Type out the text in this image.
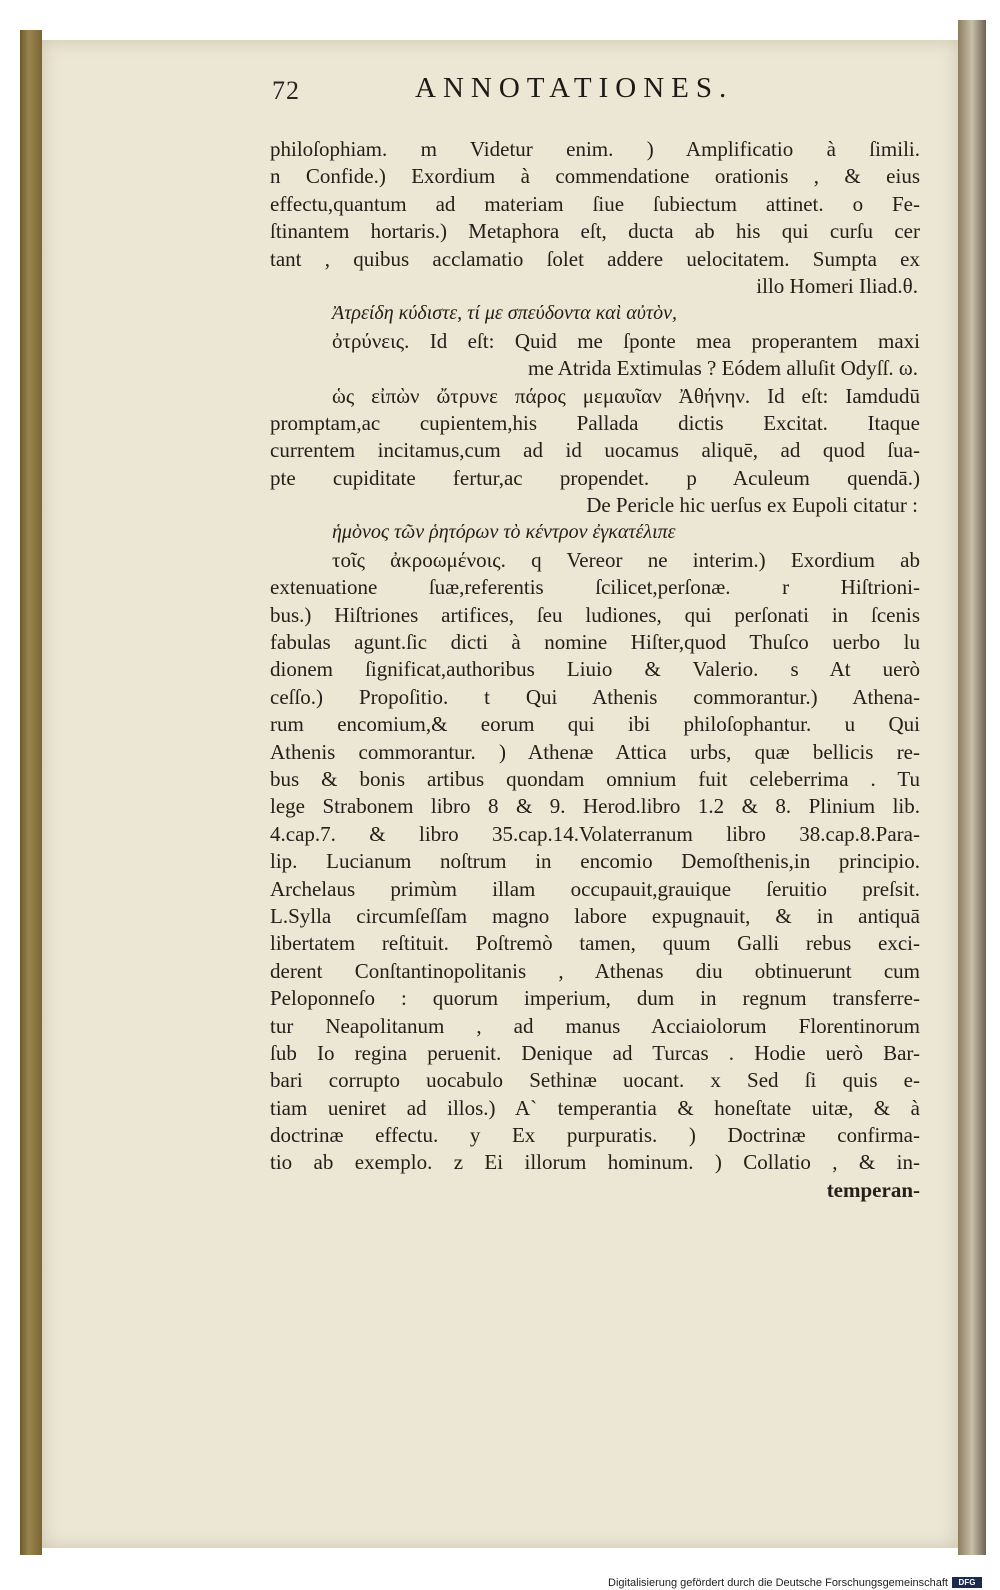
72	ANNOTATIONES.
philoſophiam. m Videtur enim. ) Amplificatio à ſimili.
n Confide.) Exordium à commendatione orationis , & eius
effectu,quantum ad materiam ſiue ſubiectum attinet. o Fe-
ſtinantem hortaris.) Metaphora eſt, ducta ab his qui curſu cer
tant , quibus acclamatio ſolet addere uelocitatem. Sumpta ex
illo Homeri Iliad.θ.
Ἀτρείδη κύδιστε, τί με σπεύδοντα καὶ αὐτὸν,
ὀτρύνεις. Id eſt: Quid me ſponte mea properantem maxi
me Atrida Extimulas ? Eódem alluſit Odyſſ. ω.
ὡς εἰπὼν ὤτρυνε πάρος μεμαυῖαν Ἀθήνην. Id eſt: Iamdudū
promptam,ac cupientem,his Pallada dictis Excitat. Itaque
currentem incitamus,cum ad id uocamus aliquē, ad quod ſua-
pte cupiditate fertur,ac propendet. p Aculeum quendā.)
De Pericle hic uerſus ex Eupoli citatur :
ἡμὸνος τῶν ῥητόρων τὸ κέντρον ἐγκατέλιπε
τοῖς ἀκροωμένοις. q Vereor ne interim.) Exordium ab
extenuatione ſuæ,referentis ſcilicet,perſonæ. r Hiſtrioni-
bus.) Hiſtriones artifices, ſeu ludiones, qui perſonati in ſcenis
fabulas agunt.ſic dicti à nomine Hiſter,quod Thuſco uerbo lu
dionem ſignificat,authoribus Liuio & Valerio. s At uerò
ceſſo.) Propoſitio. t Qui Athenis commorantur.) Athena-
rum encomium,& eorum qui ibi philoſophantur. u Qui
Athenis commorantur. ) Athenæ Attica urbs, quæ bellicis re-
bus & bonis artibus quondam omnium fuit celeberrima . Tu
lege Strabonem libro 8 & 9. Herod.libro 1.2 & 8. Plinium lib.
4.cap.7. & libro 35.cap.14.Volaterranum libro 38.cap.8.Para-
lip. Lucianum noſtrum in encomio Demoſthenis,in principio.
Archelaus primùm illam occupauit,grauique ſeruitio preſsit.
L.Sylla circumſeſſam magno labore expugnauit, & in antiquā
libertatem reſtituit. Poſtremò tamen, quum Galli rebus exci-
derent Conſtantinopolitanis , Athenas diu obtinuerunt cum
Peloponneſo : quorum imperium, dum in regnum transferre-
tur Neapolitanum , ad manus Acciaiolorum Florentinorum
ſub Io regina peruenit. Denique ad Turcas . Hodie uerò Bar-
bari corrupto uocabulo Sethinæ uocant. x Sed ſi quis e-
tiam ueniret ad illos.) A` temperantia & honeſtate uitæ, & à
doctrinæ effectu. y Ex purpuratis. ) Doctrinæ confirma-
tio ab exemplo. z Ei illorum hominum. ) Collatio , & in-
temperan-
Digitalisierung gefördert durch die Deutsche Forschungsgemeinschaft	DFG
